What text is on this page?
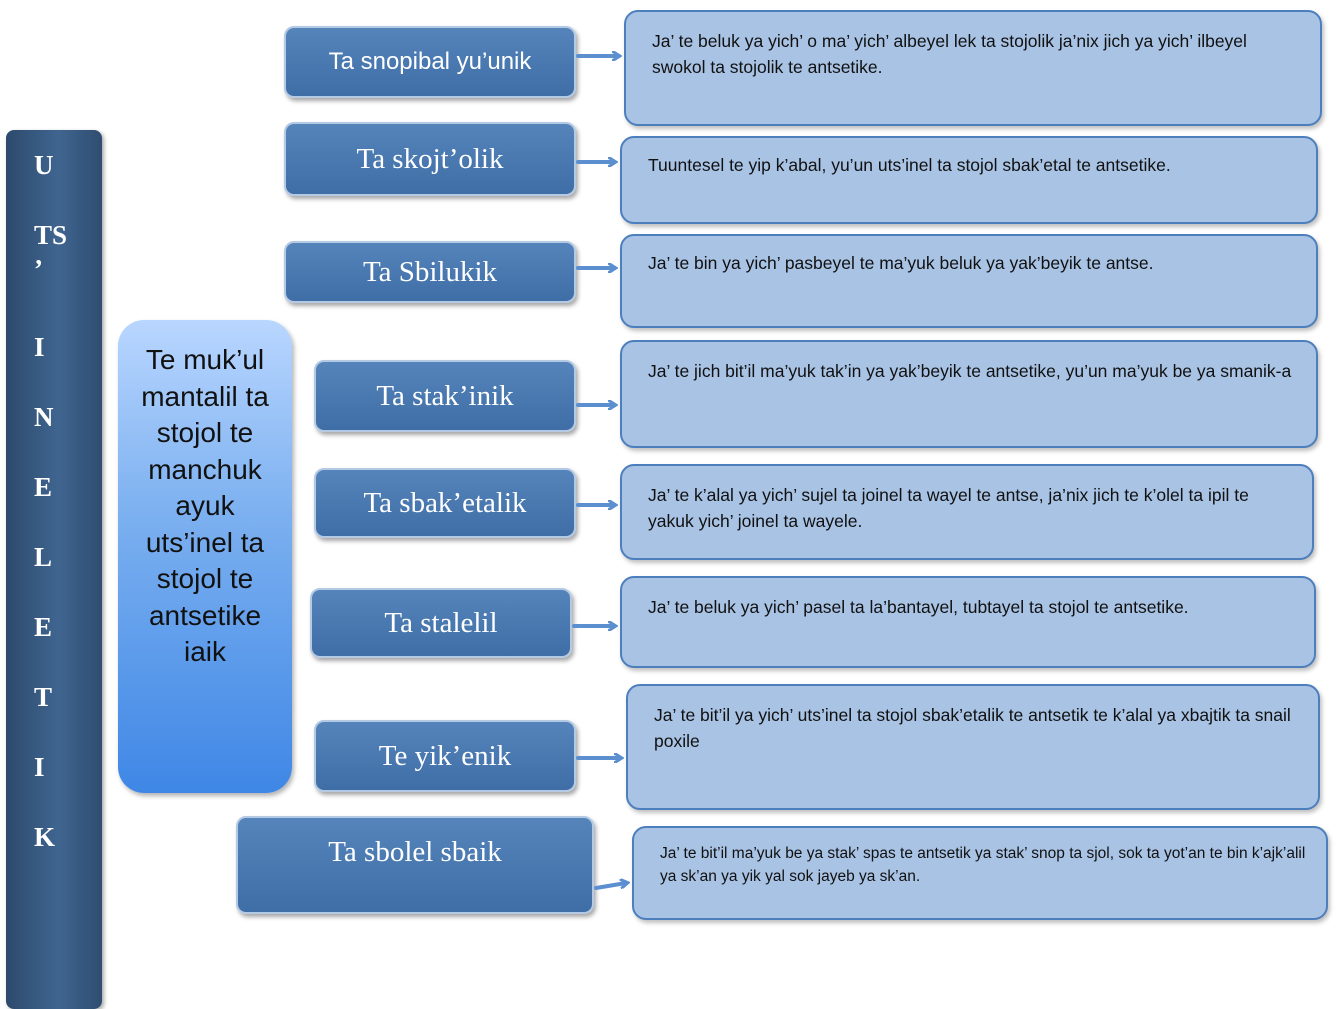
U
TS
’
I
N
E
L
E
T
I
K
Te muk’ul mantalil ta stojol te manchuk ayuk uts’inel ta stojol te antsetike iaik
Ta snopibal yu’unik
Ta skojt’olik
Ta Sbilukik
Ta stak’inik
Ta sbak’etalik
Ta stalelil
Te yik’enik
Ta sbolel sbaik
Ja’ te beluk ya yich’ o ma’ yich’ albeyel lek ta stojolik ja’nix jich ya yich’ ilbeyel swokol ta stojolik te antsetike.
Tuuntesel te yip k’abal, yu’un uts’inel ta stojol sbak’etal te antsetike.
Ja’ te bin ya yich’ pasbeyel te ma’yuk beluk ya yak’beyik te antse.
Ja’ te jich bit’il ma’yuk tak’in ya yak’beyik te antsetike, yu’un ma’yuk be ya smanik-a
Ja’ te k’alal ya yich’ sujel ta joinel ta wayel te antse, ja’nix jich te k’olel ta ipil te yakuk yich’ joinel ta wayele.
Ja’ te beluk ya yich’ pasel ta la’bantayel, tubtayel ta stojol te antsetike.
Ja’ te bit’il ya yich’ uts’inel ta stojol sbak’etalik te antsetik te k’alal ya xbajtik ta snail poxile
Ja’ te bit’il ma’yuk be ya stak’ spas te antsetik ya stak’ snop ta sjol, sok ta yot’an te bin k’ajk’alil ya sk’an ya yik yal sok jayeb ya sk’an.
